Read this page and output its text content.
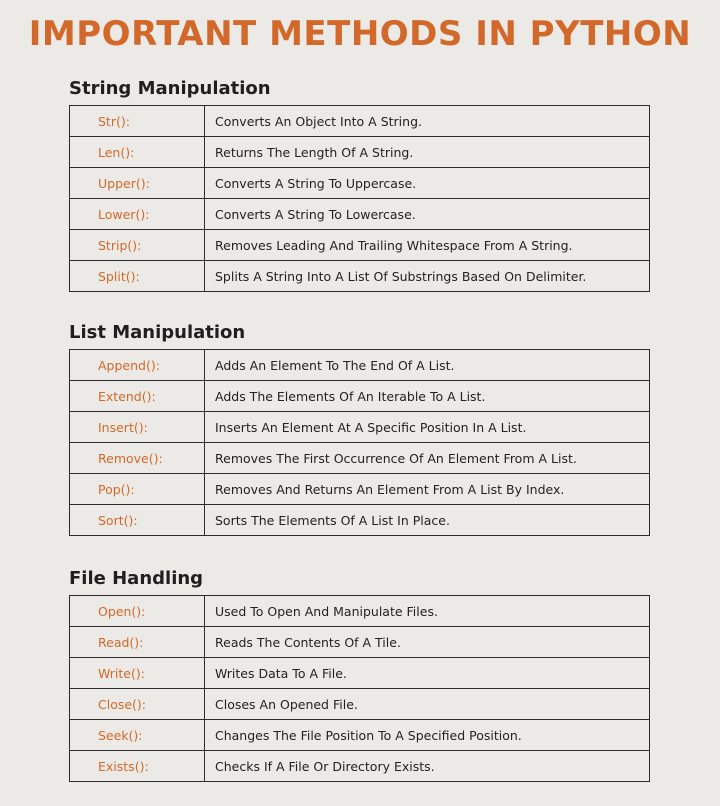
IMPORTANT METHODS IN PYTHON
String Manipulation
Str():	Converts An Object Into A String.
Len():	Returns The Length Of A String.
Upper():	Converts A String To Uppercase.
Lower():	Converts A String To Lowercase.
Strip():	Removes Leading And Trailing Whitespace From A String.
Split():	Splits A String Into A List Of Substrings Based On Delimiter.
List Manipulation
Append():	Adds An Element To The End Of A List.
Extend():	Adds The Elements Of An Iterable To A List.
Insert():	Inserts An Element At A Specific Position In A List.
Remove():	Removes The First Occurrence Of An Element From A List.
Pop():	Removes And Returns An Element From A List By Index.
Sort():	Sorts The Elements Of A List In Place.
File Handling
Open():	Used To Open And Manipulate Files.
Read():	Reads The Contents Of A Tile.
Write():	Writes Data To A File.
Close():	Closes An Opened File.
Seek():	Changes The File Position To A Specified Position.
Exists():	Checks If A File Or Directory Exists.
